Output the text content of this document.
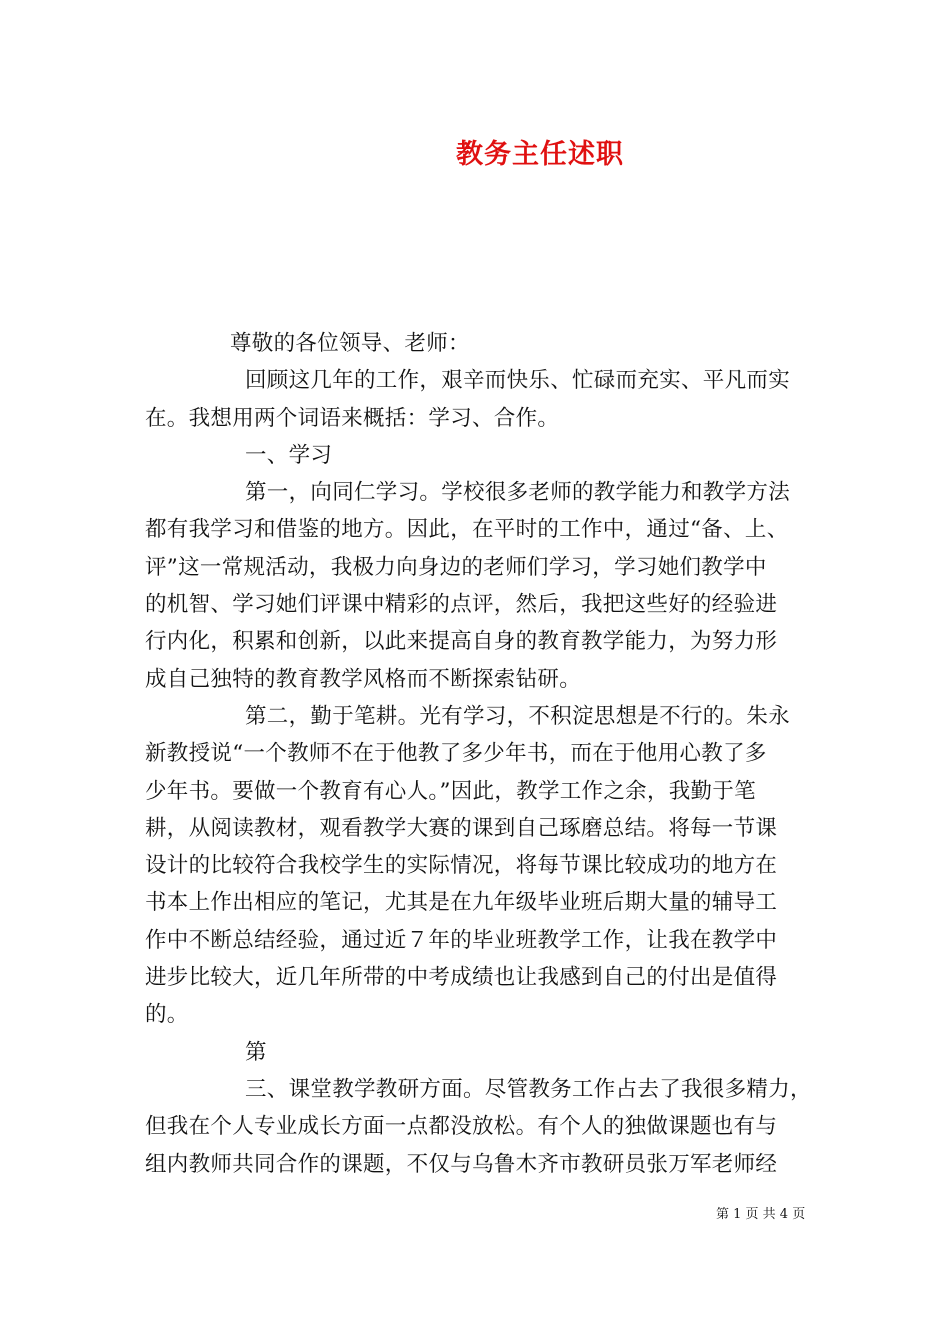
教务主任述职
尊敬的各位领导、老师：
回顾这几年的工作，艰辛而快乐、忙碌而充实、平凡而实
在。我想用两个词语来概括：学习、合作。
一、学习
第一，向同仁学习。学校很多老师的教学能力和教学方法
都有我学习和借鉴的地方。因此，在平时的工作中，通过“备、上、
评”这一常规活动，我极力向身边的老师们学习，学习她们教学中
的机智、学习她们评课中精彩的点评，然后，我把这些好的经验进
行内化，积累和创新，以此来提高自身的教育教学能力，为努力形
成自己独特的教育教学风格而不断探索钻研。
第二，勤于笔耕。光有学习，不积淀思想是不行的。朱永
新教授说“一个教师不在于他教了多少年书，而在于他用心教了多
少年书。要做一个教育有心人。”因此，教学工作之余，我勤于笔
耕，从阅读教材，观看教学大赛的课到自己琢磨总结。将每一节课
设计的比较符合我校学生的实际情况，将每节课比较成功的地方在
书本上作出相应的笔记，尤其是在九年级毕业班后期大量的辅导工
作中不断总结经验，通过近７年的毕业班教学工作，让我在教学中
进步比较大，近几年所带的中考成绩也让我感到自己的付出是值得
的。
第
三、课堂教学教研方面。尽管教务工作占去了我很多精力，
但我在个人专业成长方面一点都没放松。有个人的独做课题也有与
组内教师共同合作的课题，不仅与乌鲁木齐市教研员张万军老师经
第 1 页 共 4 页
